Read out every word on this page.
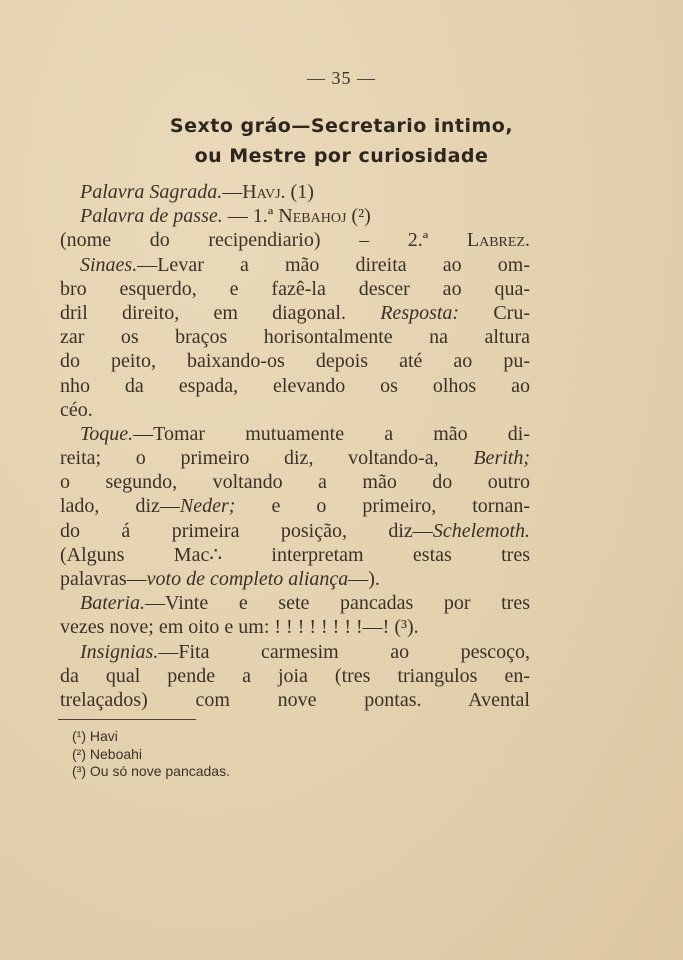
— 35 —
Sexto gráo—Secretario intimo,
ou Mestre por curiosidade
Palavra Sagrada.—Havj. (1)
Palavra de passe. — 1.ª Nebahoj (²)
(nome do recipendiario) – 2.ª Labrez.
Sinaes.—Levar a mão direita ao om-
bro esquerdo, e fazê-la descer ao qua-
dril direito, em diagonal. Resposta: Cru-
zar os braços horisontalmente na altura
do peito, baixando-os depois até ao pu-
nho da espada, elevando os olhos ao
céo.
Toque.—Tomar mutuamente a mão di-
reita; o primeiro diz, voltando-a, Berith;
o segundo, voltando a mão do outro
lado, diz—Neder; e o primeiro, tornan-
do á primeira posição, diz—Schelemoth.
(Alguns Mac∴ interpretam estas tres
palavras—voto de completo aliança—).
Bateria.—Vinte e sete pancadas por tres
vezes nove; em oito e um: ! ! ! ! ! ! ! !—! (³).
Insignias.—Fita carmesim ao pescoço,
da qual pende a joia (tres triangulos en-
trelaçados) com nove pontas. Avental
(¹) Havi
(²) Neboahi
(³) Ou só nove pancadas.
